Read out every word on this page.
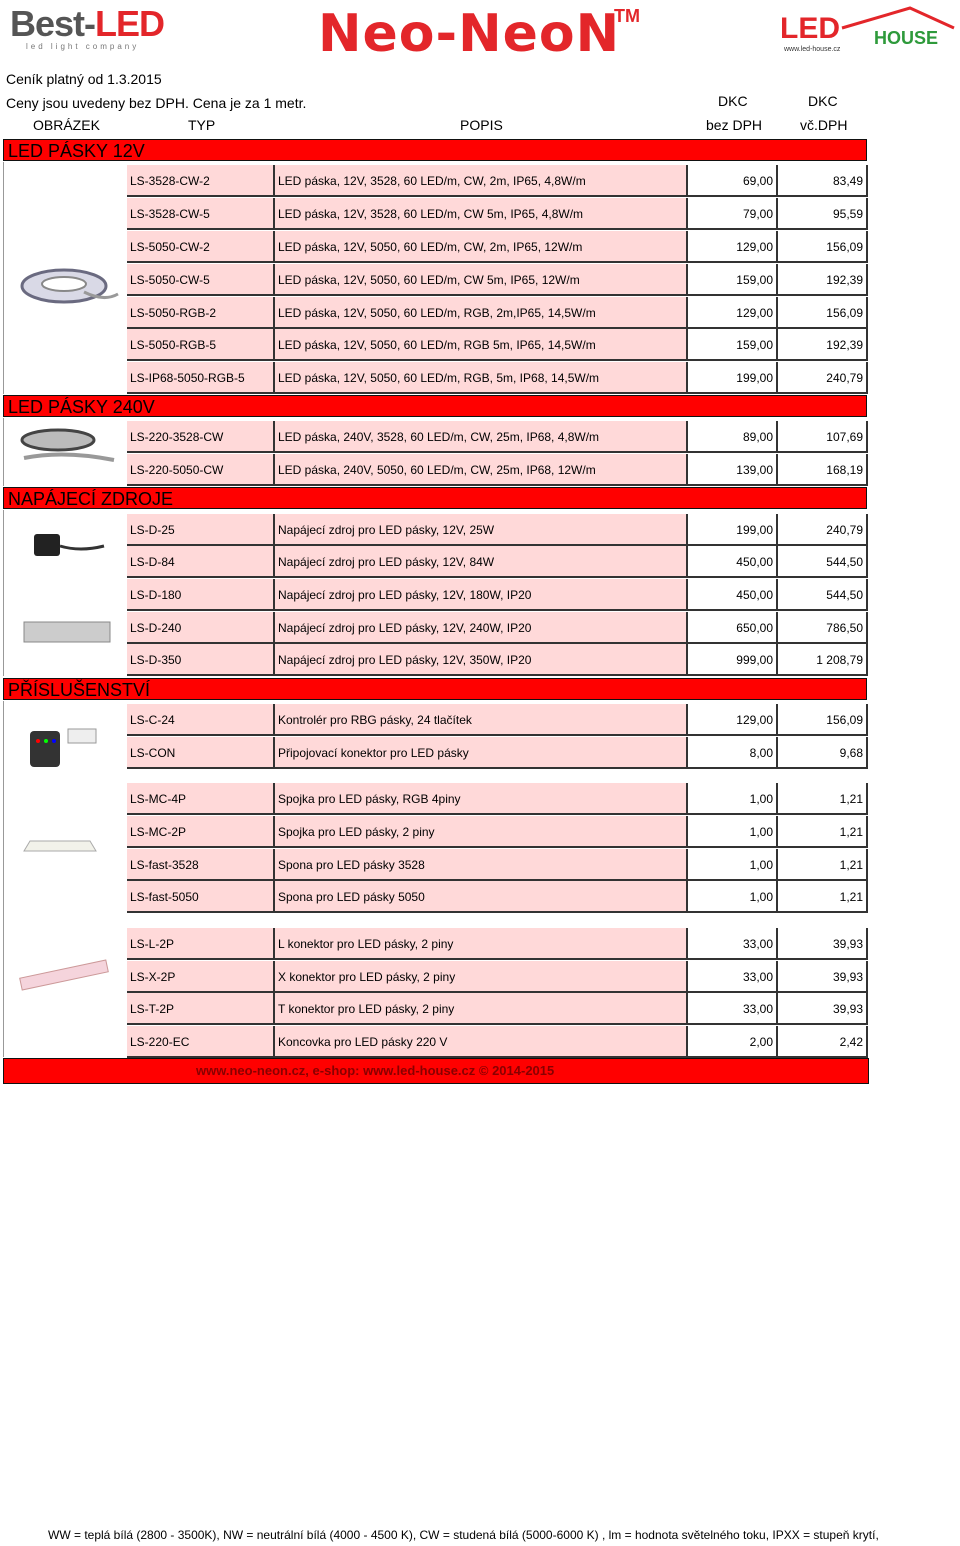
Best-LED
led light company	Neo-NeoN
TM	LED HOUSE
www.led-house.cz
Ceník platný od 1.3.2015
Ceny jsou uvedeny bez DPH. Cena je za 1 metr.	DKC	DKC
OBRÁZEK	TYP	POPIS	bez DPH	vč.DPH
LED PÁSKY 12V
LED PÁSKY 240V
NAPÁJECÍ ZDROJE
PŘÍSLUŠENSTVÍ
LS-3528-CW-2	LED páska, 12V, 3528, 60 LED/m, CW, 2m, IP65, 4,8W/m	69,00	83,49
LS-3528-CW-5	LED páska, 12V, 3528, 60 LED/m, CW 5m, IP65, 4,8W/m	79,00	95,59
LS-5050-CW-2	LED páska, 12V, 5050, 60 LED/m, CW, 2m, IP65, 12W/m	129,00	156,09
LS-5050-CW-5	LED páska, 12V, 5050, 60 LED/m, CW 5m, IP65, 12W/m	159,00	192,39
LS-5050-RGB-2	LED páska, 12V, 5050, 60 LED/m, RGB, 2m,IP65, 14,5W/m	129,00	156,09
LS-5050-RGB-5	LED páska, 12V, 5050, 60 LED/m, RGB 5m, IP65, 14,5W/m	159,00	192,39
LS-IP68-5050-RGB-5	LED páska, 12V, 5050, 60 LED/m, RGB, 5m, IP68, 14,5W/m	199,00	240,79
LS-220-3528-CW	LED páska, 240V, 3528, 60 LED/m, CW, 25m, IP68, 4,8W/m	89,00	107,69
LS-220-5050-CW	LED páska, 240V, 5050, 60 LED/m, CW, 25m, IP68, 12W/m	139,00	168,19
LS-D-25	Napájecí zdroj pro LED pásky, 12V, 25W	199,00	240,79
LS-D-84	Napájecí zdroj pro LED pásky, 12V, 84W	450,00	544,50
LS-D-180	Napájecí zdroj pro LED pásky, 12V, 180W, IP20	450,00	544,50
LS-D-240	Napájecí zdroj pro LED pásky, 12V, 240W, IP20	650,00	786,50
LS-D-350	Napájecí zdroj pro LED pásky, 12V, 350W, IP20	999,00	1 208,79
LS-C-24	Kontrolér pro RBG pásky, 24 tlačítek	129,00	156,09
LS-CON	Připojovací konektor pro LED pásky	8,00	9,68
LS-MC-4P	Spojka pro LED pásky, RGB 4piny	1,00	1,21
LS-MC-2P	Spojka pro LED pásky, 2 piny	1,00	1,21
LS-fast-3528	Spona pro LED pásky 3528	1,00	1,21
LS-fast-5050	Spona pro LED pásky 5050	1,00	1,21
LS-L-2P	L konektor pro LED pásky, 2 piny	33,00	39,93
LS-X-2P	X konektor pro LED pásky, 2 piny	33,00	39,93
LS-T-2P	T konektor pro LED pásky, 2 piny	33,00	39,93
LS-220-EC	Koncovka pro LED pásky 220 V	2,00	2,42
www.neo-neon.cz, e-shop: www.led-house.cz © 2014-2015
WW = teplá bílá (2800 - 3500K), NW = neutrální bílá (4000 - 4500 K), CW = studená bílá (5000-6000 K) , lm = hodnota světelného toku, IPXX = stupeň krytí,
